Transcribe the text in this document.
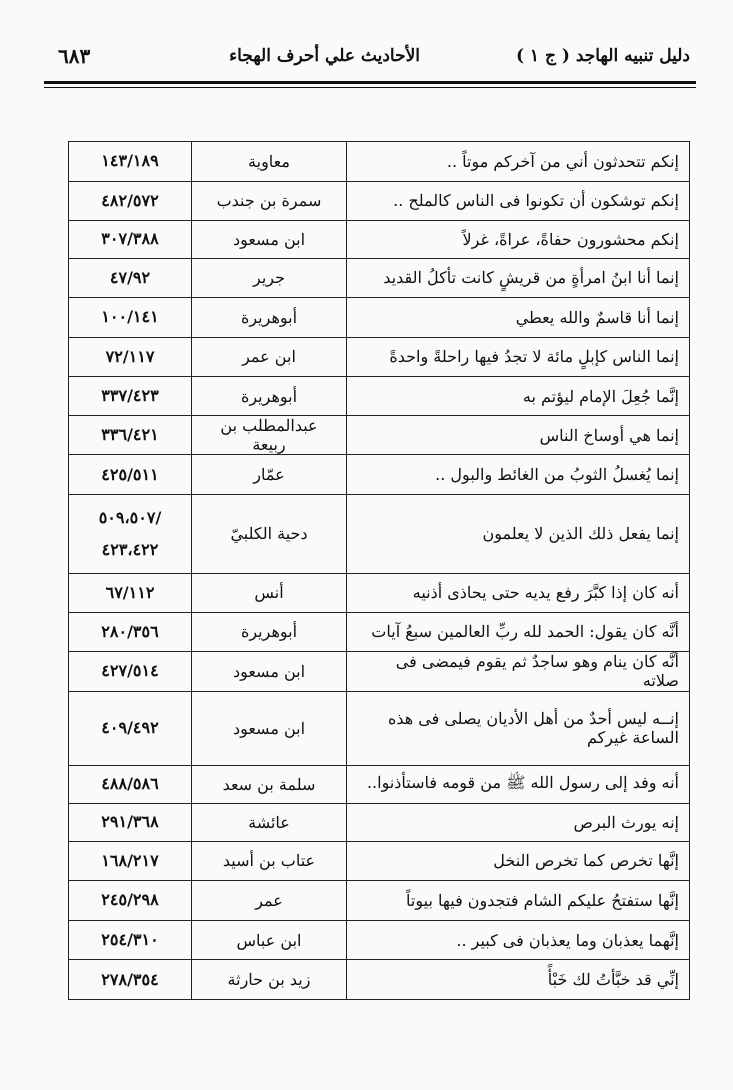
دليل تنبيه الهاجد ( ج ١ )
الأحاديث علي أحرف الهجاء
٦٨٣
إنكم تتحدثون أني من آخركم موتاً ..	معاوية	١٤٣/١٨٩

إنكم توشكون أن تكونوا فى الناس كالملح ..	سمرة بن جندب	٤٨٢/٥٧٢

إنكم محشورون حفاةً، عراةً، غرلاً	ابن مسعود	٣٠٧/٣٨٨

إنما أنا ابنُ امرأةٍ من قريشٍ كانت تأكلُ القديد	جرير	٤٧/٩٢

إنما أنا قاسمٌ والله يعطي	أبوهريرة	١٠٠/١٤١

إنما الناس كإبلٍ مائة لا تجدُ فيها راحلةً واحدةً	ابن عمر	٧٢/١١٧

إنَّما جُعِلَ الإمام ليؤتم به	أبوهريرة	٣٣٧/٤٢٣

إنما هي أوساخ الناس	عبدالمطلب بن ربيعة	٣٣٦/٤٢١

إنما يُغسلُ الثوبُ من الغائط والبول ..	عمّار	٤٢٥/٥١١

إنما يفعل ذلك الذين لا يعلمون	دحية الكلبيّ	/٥٠٩،٥٠٧
٤٢٣،٤٢٢

أنه كان إذا كبَّرَ رفع يديه حتى يحاذى أذنيه	أنس	٦٧/١١٢

أنَّه كان يقول: الحمد لله ربِّ العالمين سبعُ آيات	أبوهريرة	٢٨٠/٣٥٦

أنَّه كان ينام وهو ساجدٌ ثم يقوم فيمضى فى صلاته	ابن مسعود	٤٢٧/٥١٤

إنــه ليس أحدٌ من أهل الأديان يصلى فى هذه الساعة غيركم	ابن مسعود	٤٠٩/٤٩٢

أنه وفد إلى رسول الله ﷺ من قومه فاستأذنوا..	سلمة بن سعد	٤٨٨/٥٨٦

إنه يورث البرص	عائشة	٢٩١/٣٦٨

إنَّها تخرص كما تخرص النخل	عتاب بن أسيد	١٦٨/٢١٧

إنَّها ستفتحُ عليكم الشام فتجدون فيها بيوتاً	عمر	٢٤٥/٢٩٨

إنَّهما يعذبان وما يعذبان فى كبير ..	ابن عباس	٢٥٤/٣١٠

إنِّي قد خبَّأتُ لك خَبْأً	زيد بن حارثة	٢٧٨/٣٥٤
